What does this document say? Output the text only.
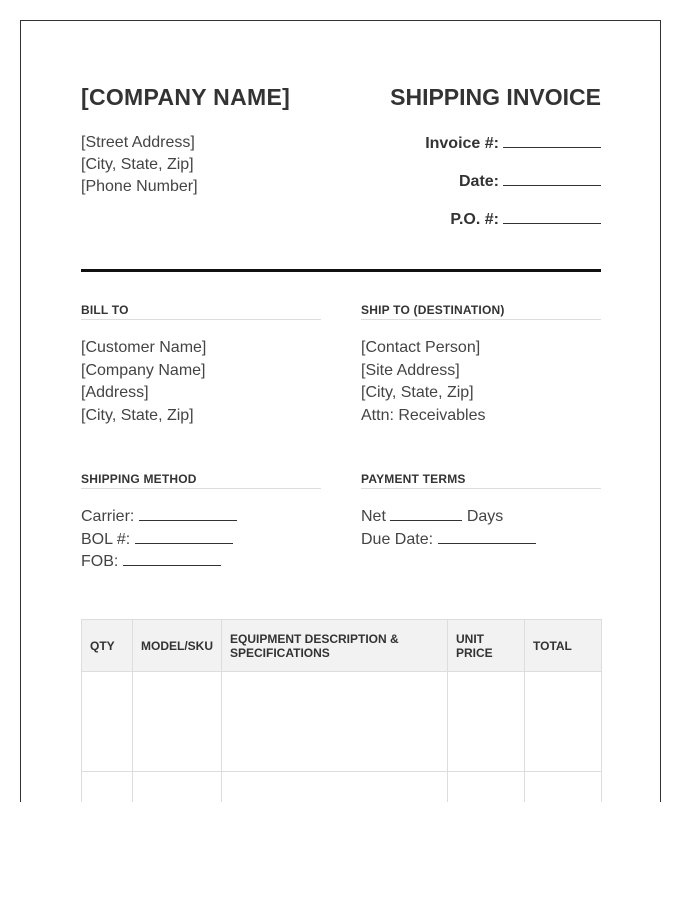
[COMPANY NAME]	SHIPPING INVOICE
[Street Address]
[City, State, Zip]
[Phone Number]
Invoice #:
Date:
P.O. #:
BILL TO
[Customer Name]
[Company Name]
[Address]
[City, State, Zip]
SHIP TO (DESTINATION)
[Contact Person]
[Site Address]
[City, State, Zip]
Attn: Receivables
SHIPPING METHOD
Carrier:
BOL #:
FOB:
PAYMENT TERMS
Net	Days
Due Date:
QTY	MODEL/SKU	EQUIPMENT DESCRIPTION & SPECIFICATIONS	UNIT PRICE	TOTAL
